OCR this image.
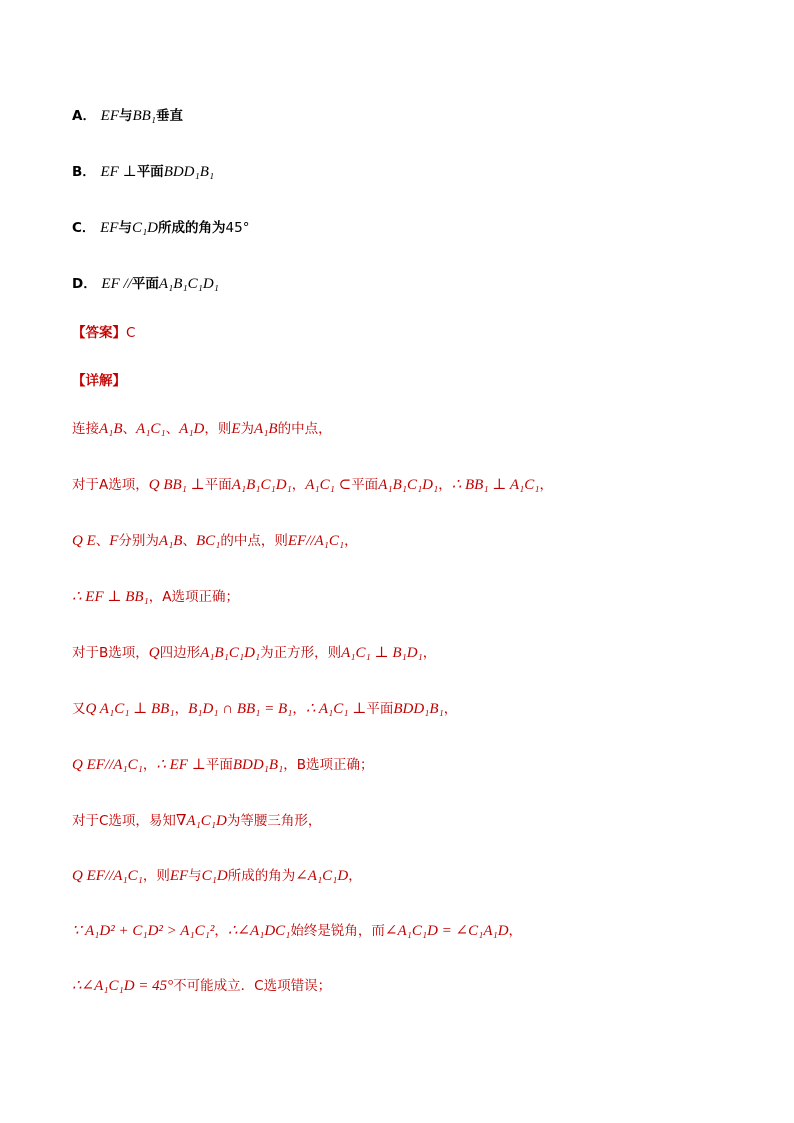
A． EF与BB₁垂直
B． EF ⊥平面BDD₁B₁
C． EF与C₁D所成的角为45°
D． EF //平面A₁B₁C₁D₁
【答案】C
【详解】
连接A₁B、A₁C₁、A₁D，则E为A₁B的中点，
对于A选项，Q BB₁ ⊥平面A₁B₁C₁D₁，A₁C₁ ⊂平面A₁B₁C₁D₁，∴ BB₁ ⊥ A₁C₁，
Q E、F分别为A₁B、BC₁的中点，则EF//A₁C₁，
∴ EF ⊥ BB₁，A选项正确；
对于B选项，Q四边形A₁B₁C₁D₁为正方形，则A₁C₁ ⊥ B₁D₁，
又Q A₁C₁ ⊥ BB₁，B₁D₁ ∩ BB₁ = B₁，∴ A₁C₁ ⊥平面BDD₁B₁，
Q EF//A₁C₁，∴ EF ⊥平面BDD₁B₁，B选项正确；
对于C选项，易知∇A₁C₁D为等腰三角形，
Q EF//A₁C₁，则EF与C₁D所成的角为∠A₁C₁D，
∵ A₁D² + C₁D² > A₁C₁²，∴∠A₁DC₁始终是锐角，而∠A₁C₁D = ∠C₁A₁D，
∴∠A₁C₁D = 45°不可能成立．C选项错误；
